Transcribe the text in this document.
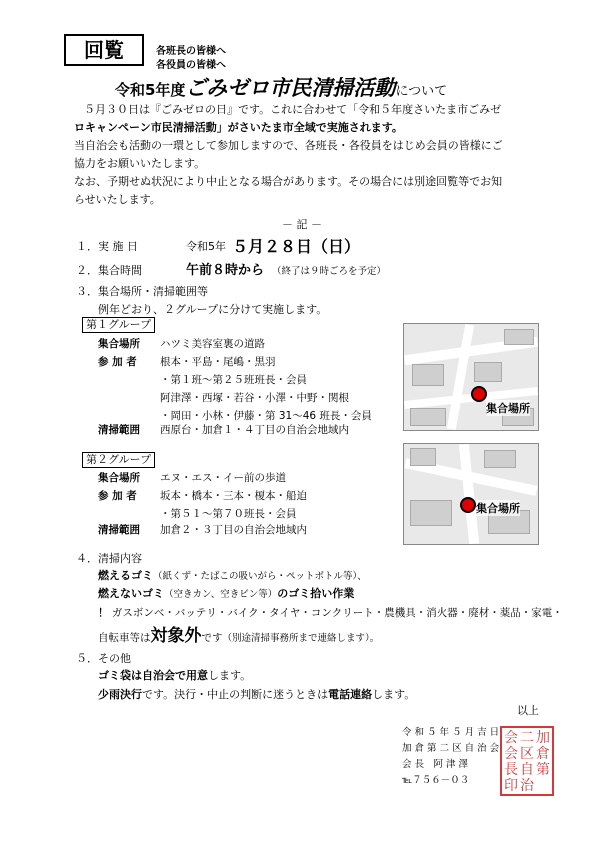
回覧	各班長の皆様へ
各役員の皆様へ
令和5年度ごみゼロ市民清掃活動について
５月３０日は『ごみゼロの日』です。これに合わせて「令和５年度さいたま市ごみゼ
ロキャンペーン市民清掃活動」がさいたま市全域で実施されます。
当自治会も活動の一環として参加しますので、各班長・各役員をはじめ会員の皆様にご
協力をお願いいたします。
なお、予期せぬ状況により中止となる場合があります。その場合には別途回覧等でお知
らせいたします。
－ 記 －
１． 実 施 日	令和5年 ５月２８日（日）
２． 集合時間	午前８時から （終了は９時ごろを予定）
３． 集合場所・清掃範囲等
例年どおり、２グループに分けて実施します。
第１グループ
集合場所 ハツミ美容室裏の道路
参 加 者 根本・平島・尾嶋・黒羽
・第１班～第２５班班長・会員
阿津澤・西塚・若谷・小澤・中野・関根
・岡田・小林・伊藤・第 31～46 班長・会員
清掃範囲 西原台・加倉１・４丁目の自治会地域内
集合場所
第２グループ
集合場所 エヌ・エス・イー前の歩道
参 加 者 坂本・橋本・三本・榎本・船迫
・第５１～第７０班長・会員
清掃範囲 加倉２・３丁目の自治会地域内
集合場所
４． 清掃内容
燃えるゴミ（紙くず・たばこの吸いがら・ペットボトル等）、
燃えないゴミ（空きカン、空きビン等）のゴミ拾い作業
！ ガスボンベ・バッテリ・バイク・タイヤ・コンクリート・農機具・消火器・廃材・薬品・家電・
自転車等は対象外です（別途清掃事務所まで連絡します）。
５． その他
ゴミ袋は自治会で用意します。
少雨決行です。決行・中止の判断に迷うときは電話連絡します。
以上
令 和 ５ 年 ５ 月 吉 日
加 倉 第 二 区 自 治 会
会 長　阿 津 澤　
℡７５６－０３
加
倉
第
二
区
自
治
会
会
長
印
